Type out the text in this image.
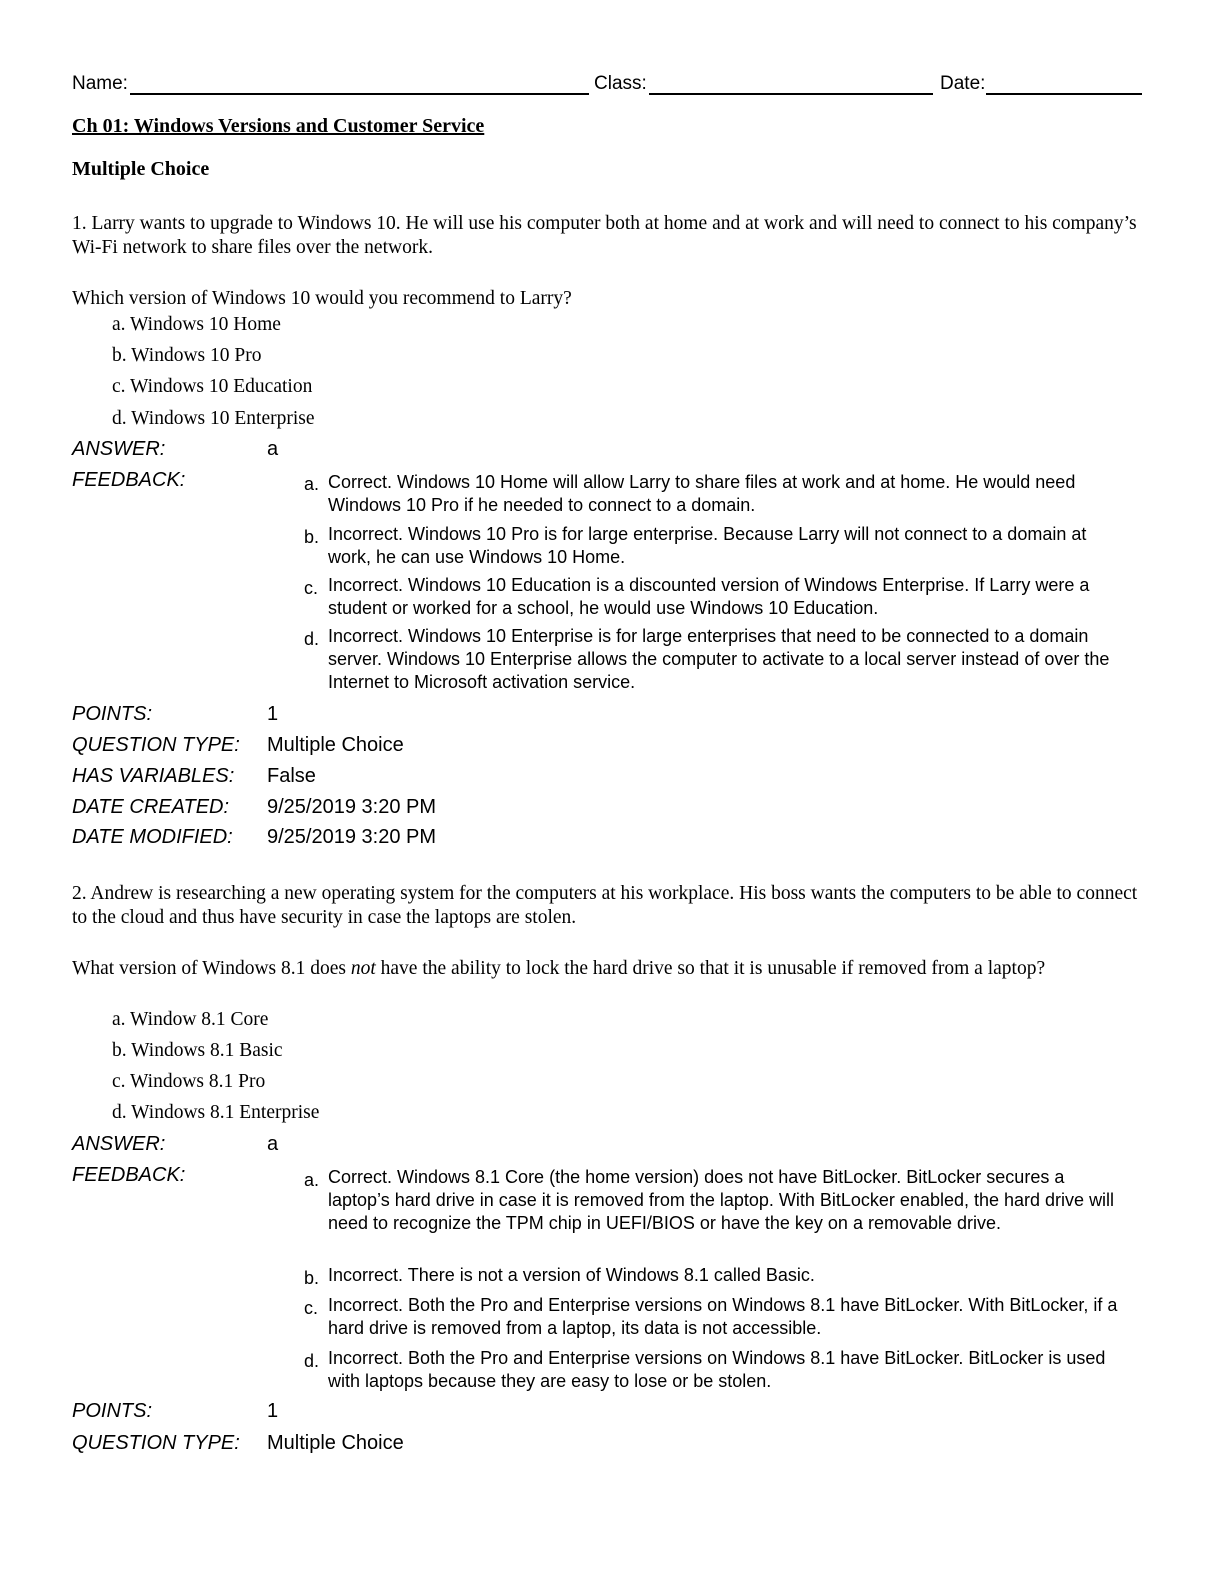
Name:	Class:	Date:
Ch 01: Windows Versions and Customer Service
Multiple Choice
1. Larry wants to upgrade to Windows 10. He will use his computer both at home and at work and will need to connect to his company’s Wi-Fi network to share files over the network.
Which version of Windows 10 would you recommend to Larry?
a. Windows 10 Home
b. Windows 10 Pro
c. Windows 10 Education
d. Windows 10 Enterprise
ANSWER:	a
FEEDBACK:	a. Correct. Windows 10 Home will allow Larry to share files at work and at home. He would need Windows 10 Pro if he needed to connect to a domain.
b. Incorrect. Windows 10 Pro is for large enterprise. Because Larry will not connect to a domain at work, he can use Windows 10 Home.
c. Incorrect. Windows 10 Education is a discounted version of Windows Enterprise. If Larry were a student or worked for a school, he would use Windows 10 Education.
d. Incorrect. Windows 10 Enterprise is for large enterprises that need to be connected to a domain server. Windows 10 Enterprise allows the computer to activate to a local server instead of over the Internet to Microsoft activation service.
POINTS:	1
QUESTION TYPE: Multiple Choice
HAS VARIABLES: False
DATE CREATED: 9/25/2019 3:20 PM
DATE MODIFIED: 9/25/2019 3:20 PM
2. Andrew is researching a new operating system for the computers at his workplace. His boss wants the computers to be able to connect to the cloud and thus have security in case the laptops are stolen.
What version of Windows 8.1 does not have the ability to lock the hard drive so that it is unusable if removed from a laptop?
a. Window 8.1 Core
b. Windows 8.1 Basic
c. Windows 8.1 Pro
d. Windows 8.1 Enterprise
ANSWER:	a
FEEDBACK:	a. Correct. Windows 8.1 Core (the home version) does not have BitLocker. BitLocker secures a laptop’s hard drive in case it is removed from the laptop. With BitLocker enabled, the hard drive will need to recognize the TPM chip in UEFI/BIOS or have the key on a removable drive.
b. Incorrect. There is not a version of Windows 8.1 called Basic.
c. Incorrect. Both the Pro and Enterprise versions on Windows 8.1 have BitLocker. With BitLocker, if a hard drive is removed from a laptop, its data is not accessible.
d. Incorrect. Both the Pro and Enterprise versions on Windows 8.1 have BitLocker. BitLocker is used with laptops because they are easy to lose or be stolen.
POINTS:	1
QUESTION TYPE: Multiple Choice
